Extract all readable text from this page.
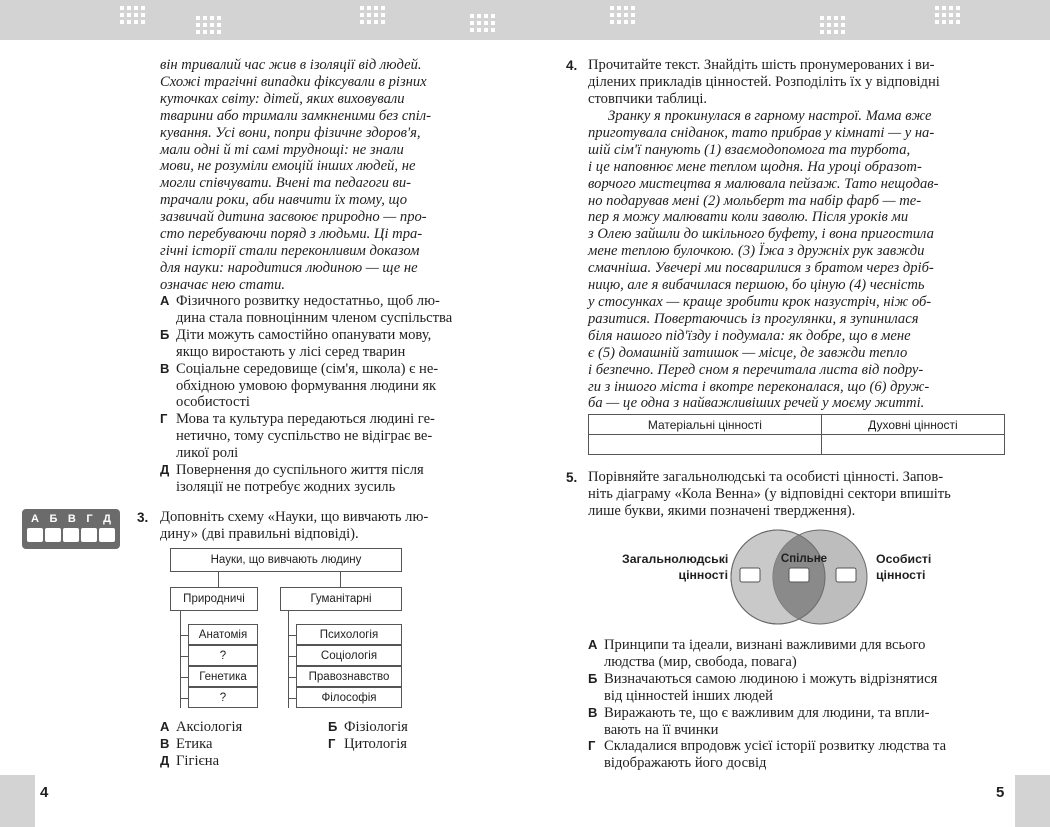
4	5

він тривалий час жив в ізоляції від людей.

Схожі трагічні випадки фіксували в різних

куточках світу: дітей, яких виховували

тварини або тримали замкненими без спіл-

кування. Усі вони, попри фізичне здоров'я,

мали одні й ті самі труднощі: не знали

мови, не розуміли емоцій інших людей, не

могли співчувати. Вчені та педагоги ви-

трачали роки, аби навчити їх тому, що

зазвичай дитина засвоює природно — про-

сто перебуваючи поряд з людьми. Ці тра-

гічні історії стали переконливим доказом

для науки: народитися людиною — ще не

означає нею стати.

А Фізичного розвитку недостатньо, щоб лю-
дина стала повноцінним членом суспільства
Б Діти можуть самостійно опанувати мову,
якщо виростають у лісі серед тварин
В Соціальне середовище (сім'я, школа) є не-
обхідною умовою формування людини як
особистості
Г Мова та культура передаються людині ге-
нетично, тому суспільство не відіграє ве-
ликої ролі
Д Повернення до суспільного життя після
ізоляції не потребує жодних зусиль
А Б В Г Д 3. Доповніть схему «Науки, що вивчають лю-

дину» (дві правильні відповіді).

Науки, що вивчають людину
Природничі	Гуманітарні
Анатомія
?
Генетика
?
Психологія
Соціологія
Правознавство
Філософія
А Аксіологія
В Етика
Д Гігієна
Б Фізіологія
Г Цитологія
4. Прочитайте текст. Знайдіть шість пронумерованих і ви-

ділених прикладів цінностей. Розподіліть їх у відповідні

стовпчики таблиці.

Зранку я прокинулася в гарному настрої. Мама вже

приготувала сніданок, тато прибрав у кімнаті — у на-

шій сім'ї панують (1) взаємодопомога та турбота,

і це наповнює мене теплом щодня. На уроці образот-

ворчого мистецтва я малювала пейзаж. Тато нещодав-

но подарував мені (2) мольберт та набір фарб — те-

пер я можу малювати коли заволю. Після уроків ми

з Олею зайшли до шкільного буфету, і вона пригостила

мене теплою булочкою. (3) Їжа з дружніх рук завжди

смачніша. Увечері ми посварилися з братом через дріб-

ницю, але я вибачилася першою, бо ціную (4) чесність

у стосунках — краще зробити крок назустріч, ніж об-

разитися. Повертаючись із прогулянки, я зупинилася

біля нашого під'їзду і подумала: як добре, що в мене

є (5) домашній затишок — місце, де завжди тепло

і безпечно. Перед сном я перечитала листа від подру-

ги з іншого міста і вкотре переконалася, що (6) друж-

ба — це одна з найважливіших речей у моєму житті.

Матеріальні цінності	Духовні цінності

5. Порівняйте загальнолюдські та особисті цінності. Запов-

ніть діаграму «Кола Венна» (у відповідні сектори впишіть

лише букви, якими позначені твердження).

Загальнолюдські
цінності
Спільне	Особисті
цінності
А Принципи та ідеали, визнані важливими для всього
людства (мир, свобода, повага)
Б Визначаються самою людиною і можуть відрізнятися
від цінностей інших людей
В Виражають те, що є важливим для людини, та впли-
вають на її вчинки
Г Складалися впродовж усієї історії розвитку людства та
відображають його досвід
